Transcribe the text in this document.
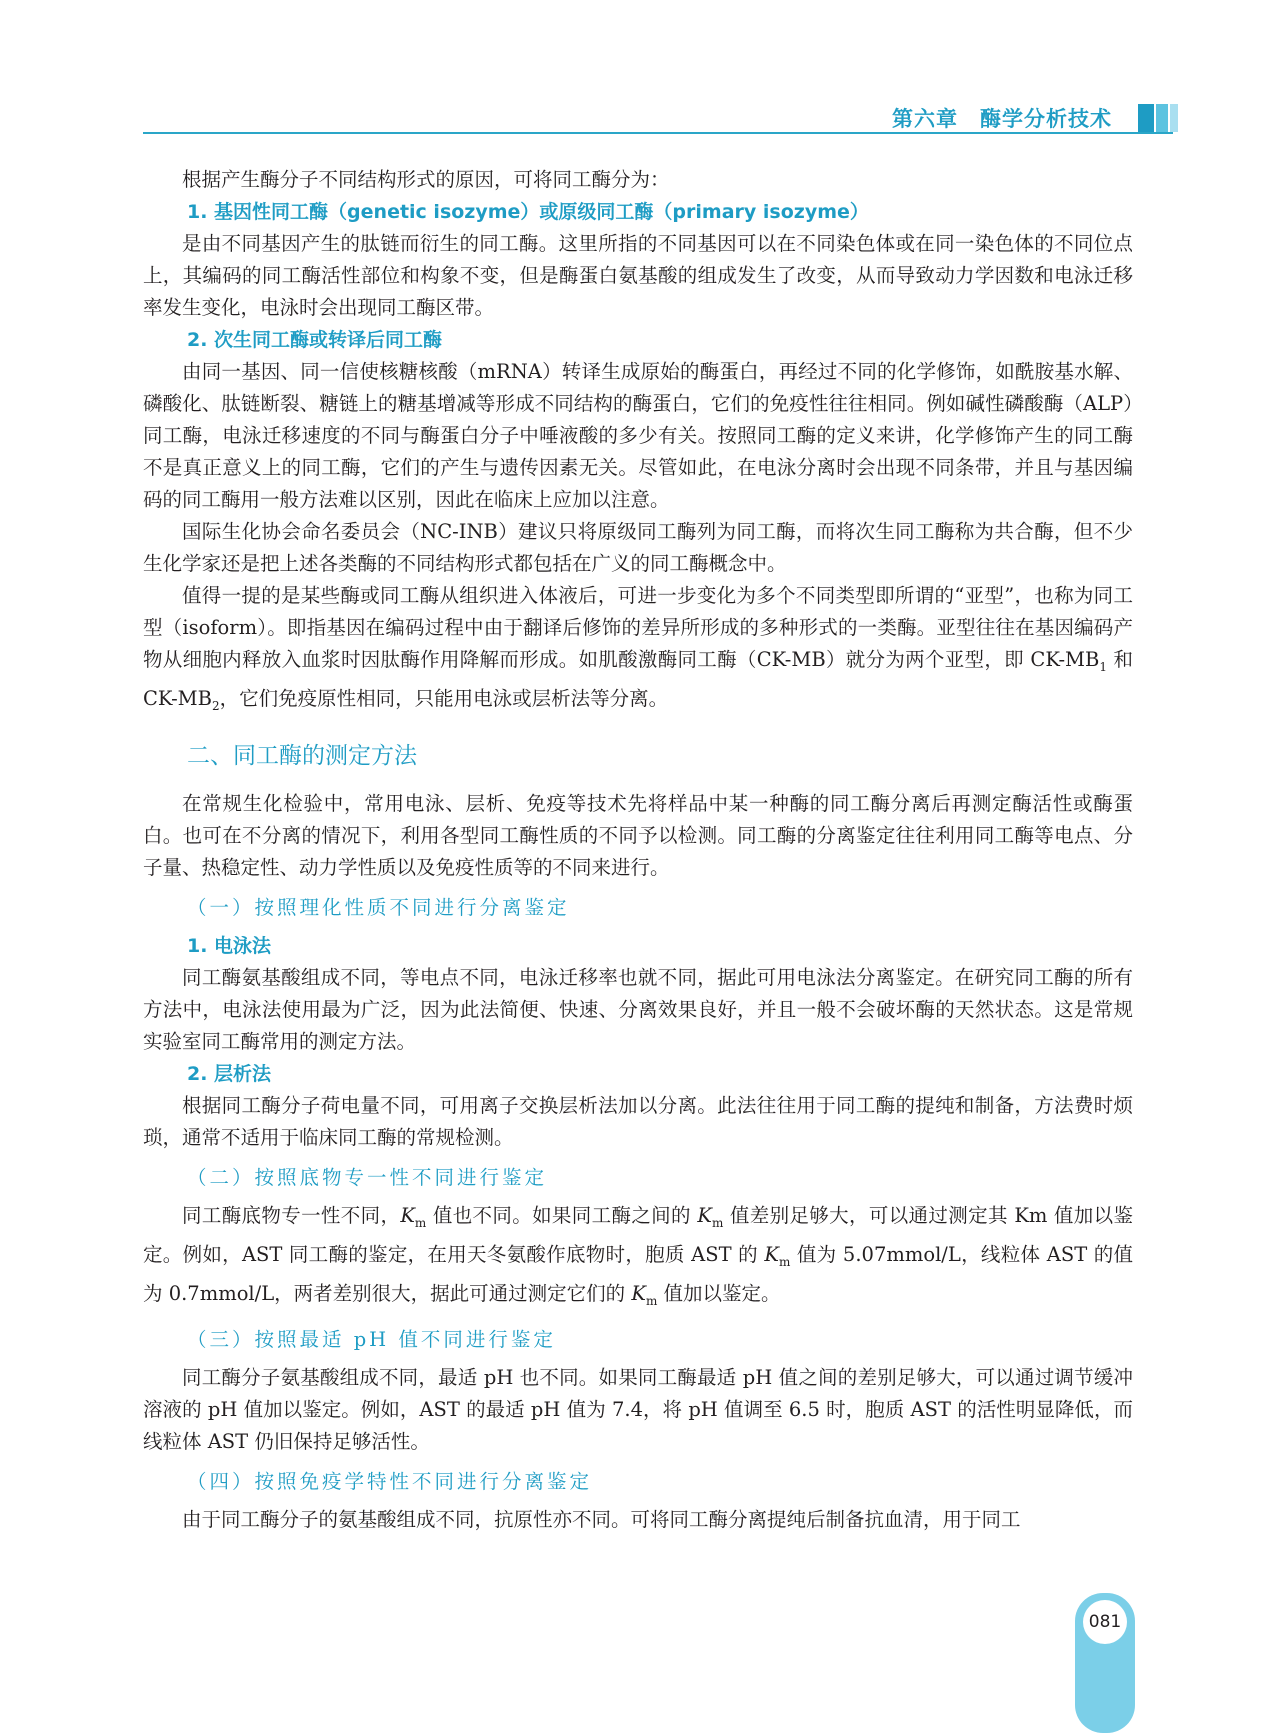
第六章　酶学分析技术

根据产生酶分子不同结构形式的原因，可将同工酶分为：

1. 基因性同工酶（genetic isozyme）或原级同工酶（primary isozyme）

是由不同基因产生的肽链而衍生的同工酶。这里所指的不同基因可以在不同染色体或在同一染色体的不同位点上，其编码的同工酶活性部位和构象不变，但是酶蛋白氨基酸的组成发生了改变，从而导致动力学因数和电泳迁移率发生变化，电泳时会出现同工酶区带。

2. 次生同工酶或转译后同工酶

由同一基因、同一信使核糖核酸（mRNA）转译生成原始的酶蛋白，再经过不同的化学修饰，如酰胺基水解、磷酸化、肽链断裂、糖链上的糖基增减等形成不同结构的酶蛋白，它们的免疫性往往相同。例如碱性磷酸酶（ALP）同工酶，电泳迁移速度的不同与酶蛋白分子中唾液酸的多少有关。按照同工酶的定义来讲，化学修饰产生的同工酶不是真正意义上的同工酶，它们的产生与遗传因素无关。尽管如此，在电泳分离时会出现不同条带，并且与基因编码的同工酶用一般方法难以区别，因此在临床上应加以注意。

国际生化协会命名委员会（NC-INB）建议只将原级同工酶列为同工酶，而将次生同工酶称为共合酶，但不少生化学家还是把上述各类酶的不同结构形式都包括在广义的同工酶概念中。

值得一提的是某些酶或同工酶从组织进入体液后，可进一步变化为多个不同类型即所谓的“亚型”，也称为同工型（isoform）。即指基因在编码过程中由于翻译后修饰的差异所形成的多种形式的一类酶。亚型往往在基因编码产物从细胞内释放入血浆时因肽酶作用降解而形成。如肌酸激酶同工酶（CK-MB）就分为两个亚型，即 $CK-MB_1$ 和 $CK-MB_2$，它们免疫原性相同，只能用电泳或层析法等分离。

二、同工酶的测定方法

在常规生化检验中，常用电泳、层析、免疫等技术先将样品中某一种酶的同工酶分离后再测定酶活性或酶蛋白。也可在不分离的情况下，利用各型同工酶性质的不同予以检测。同工酶的分离鉴定往往利用同工酶等电点、分子量、热稳定性、动力学性质以及免疫性质等的不同来进行。

（一）按照理化性质不同进行分离鉴定

1. 电泳法

同工酶氨基酸组成不同，等电点不同，电泳迁移率也就不同，据此可用电泳法分离鉴定。在研究同工酶的所有方法中，电泳法使用最为广泛，因为此法简便、快速、分离效果良好，并且一般不会破坏酶的天然状态。这是常规实验室同工酶常用的测定方法。

2. 层析法

根据同工酶分子荷电量不同，可用离子交换层析法加以分离。此法往往用于同工酶的提纯和制备，方法费时烦琐，通常不适用于临床同工酶的常规检测。

（二）按照底物专一性不同进行鉴定

同工酶底物专一性不同，$K_m$ 值也不同。如果同工酶之间的 $K_m$ 值差别足够大，可以通过测定其 Km 值加以鉴定。例如，AST 同工酶的鉴定，在用天冬氨酸作底物时，胞质 AST 的 $K_m$ 值为 5.07mmol/L，线粒体 AST 的值为 0.7mmol/L，两者差别很大，据此可通过测定它们的 $K_m$ 值加以鉴定。

（三）按照最适 pH 值不同进行鉴定

同工酶分子氨基酸组成不同，最适 pH 也不同。如果同工酶最适 pH 值之间的差别足够大，可以通过调节缓冲溶液的 pH 值加以鉴定。例如，AST 的最适 pH 值为 7.4，将 pH 值调至 6.5 时，胞质 AST 的活性明显降低，而线粒体 AST 仍旧保持足够活性。

（四）按照免疫学特性不同进行分离鉴定

由于同工酶分子的氨基酸组成不同，抗原性亦不同。可将同工酶分离提纯后制备抗血清，用于同工

081
